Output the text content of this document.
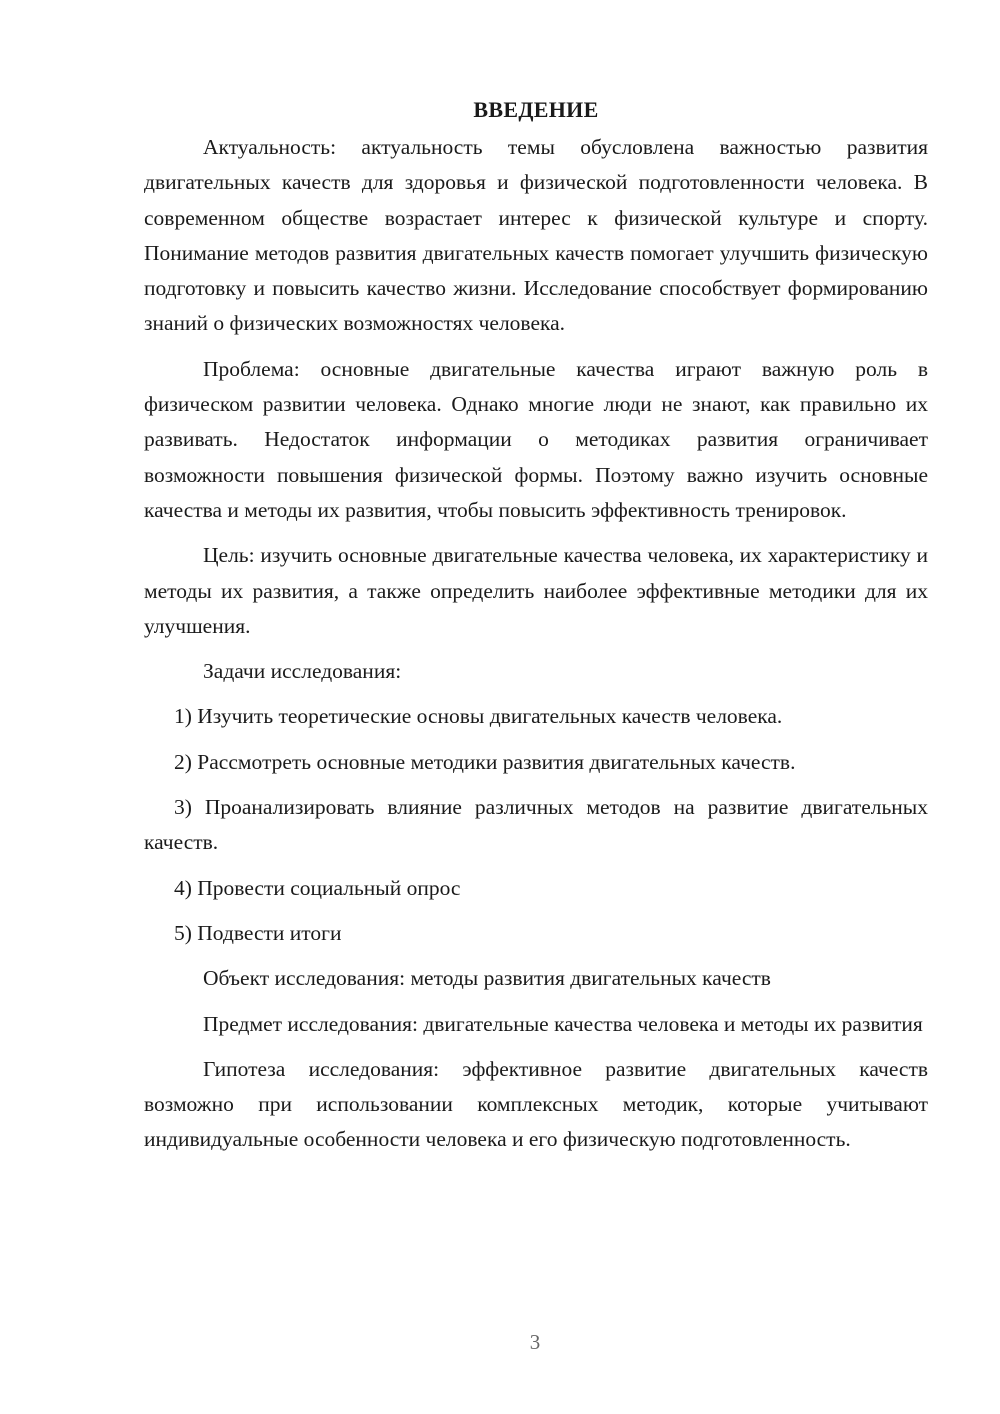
ВВЕДЕНИЕ

Актуальность: актуальность темы обусловлена важностью развития двигательных качеств для здоровья и физической подготовленности человека. В современном обществе возрастает интерес к физической культуре и спорту. Понимание методов развития двигательных качеств помогает улучшить физическую подготовку и повысить качество жизни. Исследование способствует формированию знаний о физических возможностях человека.

Проблема: основные двигательные качества играют важную роль в физическом развитии человека. Однако многие люди не знают, как правильно их развивать. Недостаток информации о методиках развития ограничивает возможности повышения физической формы. Поэтому важно изучить основные качества и методы их развития, чтобы повысить эффективность тренировок.

Цель: изучить основные двигательные качества человека, их характеристику и методы их развития, а также определить наиболее эффективные методики для их улучшения.

Задачи исследования:

1) Изучить теоретические основы двигательных качеств человека.

2) Рассмотреть основные методики развития двигательных качеств.

3) Проанализировать влияние различных методов на развитие двигательных качеств.

4) Провести социальный опрос

5) Подвести итоги

Объект исследования: методы развития двигательных качеств

Предмет исследования: двигательные качества человека и методы их развития

Гипотеза исследования: эффективное развитие двигательных качеств возможно при использовании комплексных методик, которые учитывают индивидуальные особенности человека и его физическую подготовленность.

3
